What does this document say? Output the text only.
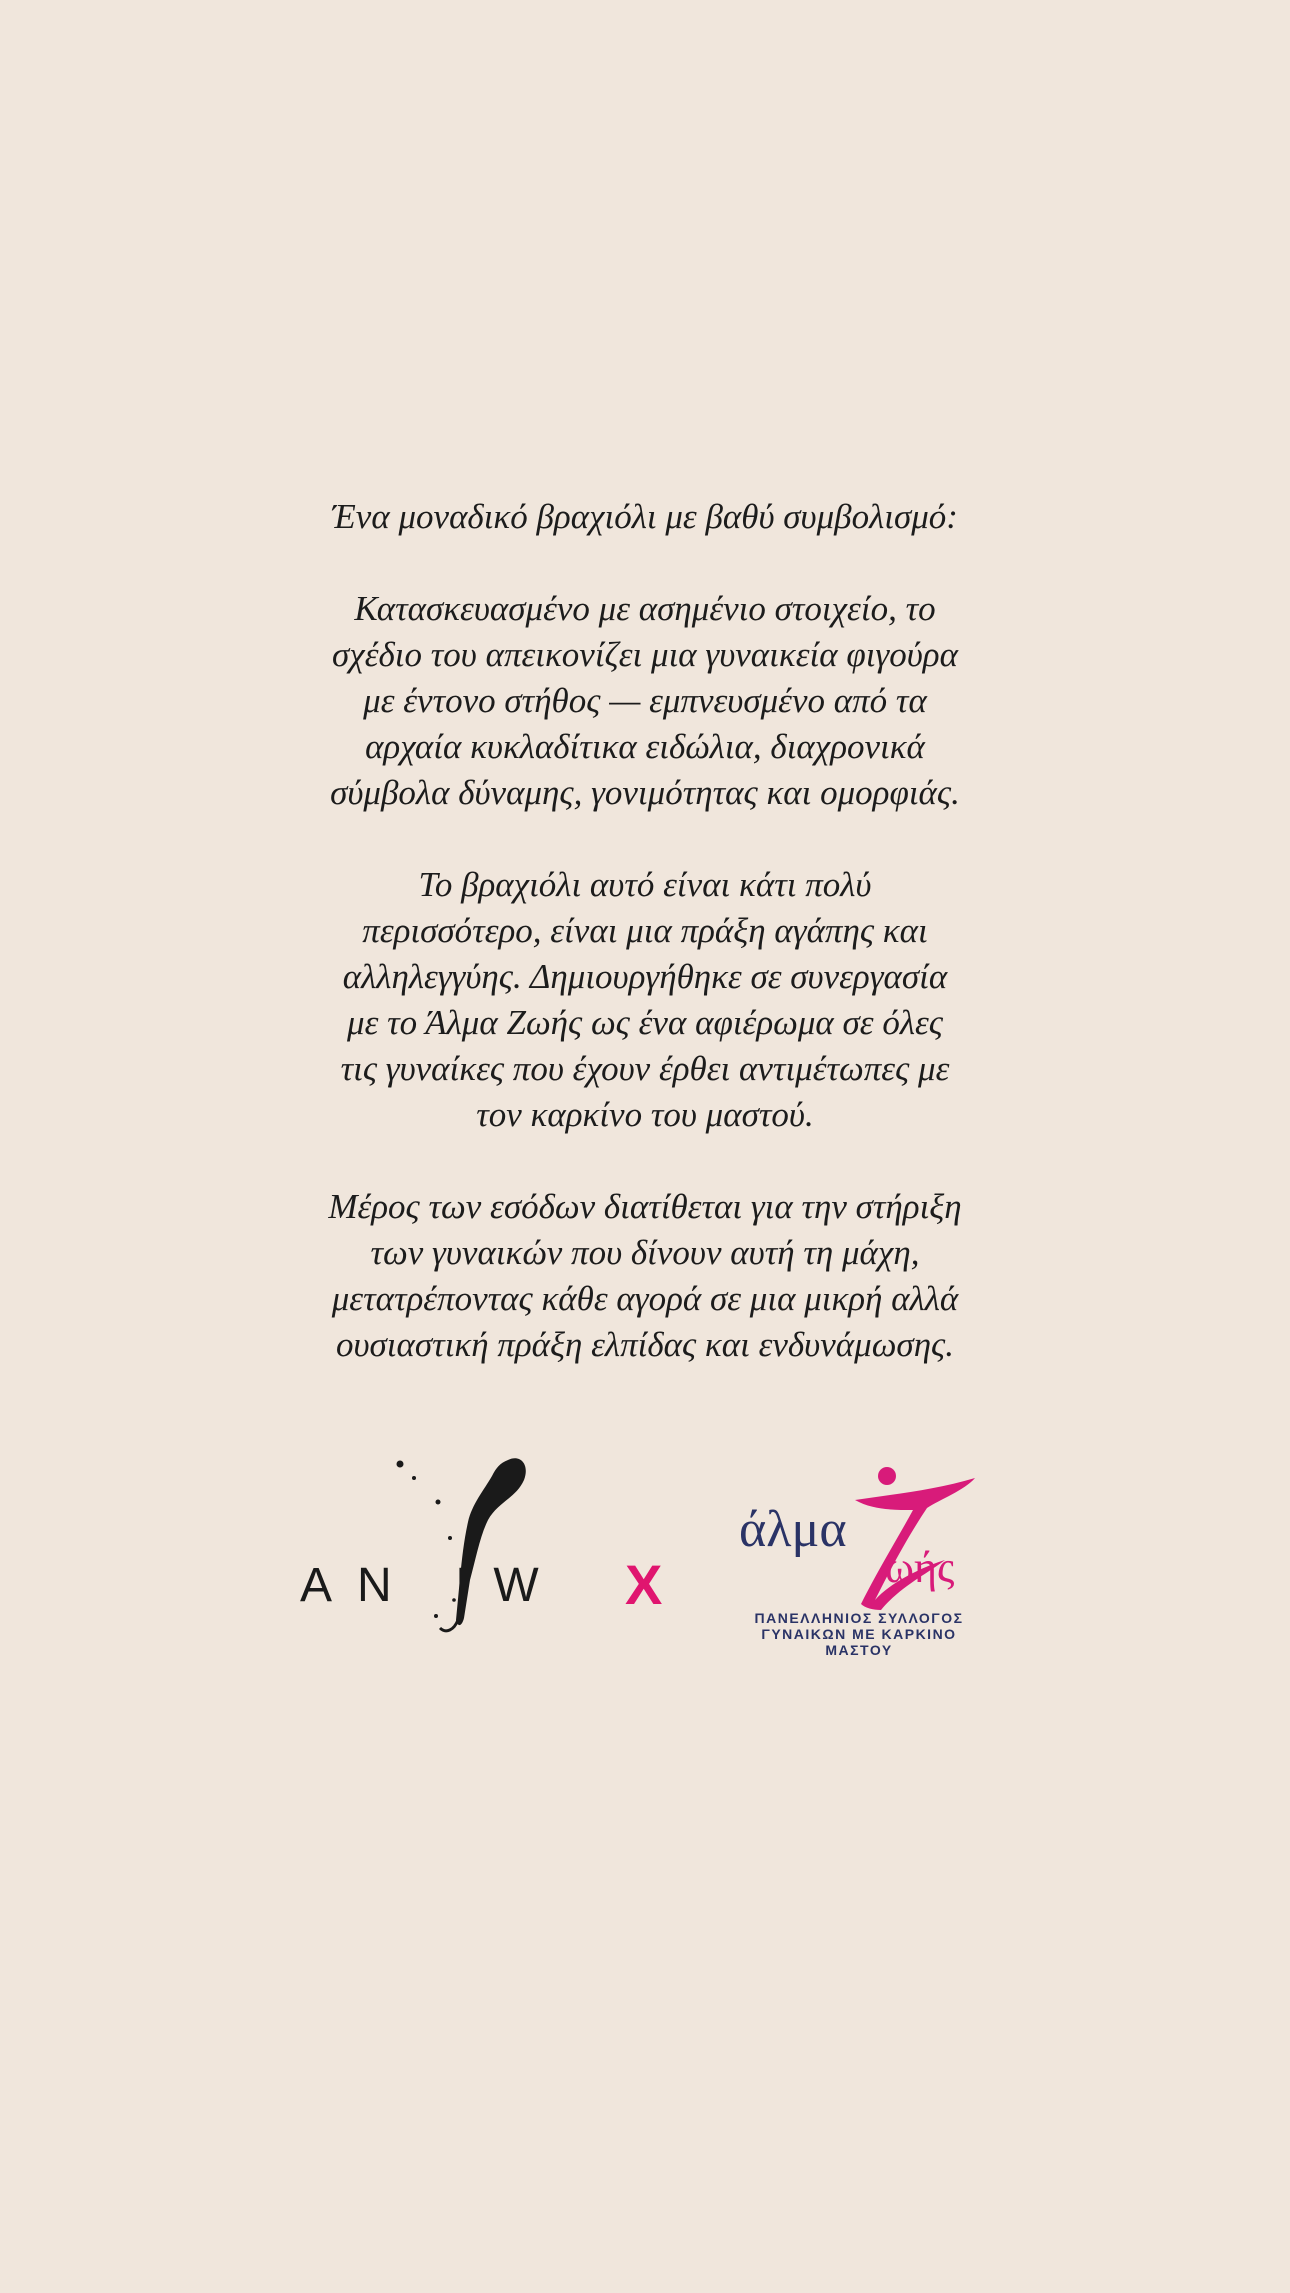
Ένα μοναδικό βραχιόλι με βαθύ συμβολισμό:

Κατασκευασμένο με ασημένιο στοιχείο, το
σχέδιο του απεικονίζει μια γυναικεία φιγούρα
με έντονο στήθος — εμπνευσμένο από τα
αρχαία κυκλαδίτικα ειδώλια, διαχρονικά
σύμβολα δύναμης, γονιμότητας και ομορφιάς.

Το βραχιόλι αυτό είναι κάτι πολύ
περισσότερο, είναι μια πράξη αγάπης και
αλληλεγγύης. Δημιουργήθηκε σε συνεργασία
με το Άλμα Ζωής ως ένα αφιέρωμα σε όλες
τις γυναίκες που έχουν έρθει αντιμέτωπες με
τον καρκίνο του μαστού.

Μέρος των εσόδων διατίθεται για την στήριξη
των γυναικών που δίνουν αυτή τη μάχη,
μετατρέποντας κάθε αγορά σε μια μικρή αλλά
ουσιαστική πράξη ελπίδας και ενδυνάμωσης.

AN IW X
άλμα
ωής
ΠΑΝΕΛΛΗΝΙΟΣ ΣΥΛΛΟΓΟΣ
ΓΥΝΑΙΚΩΝ ΜΕ ΚΑΡΚΙΝΟ ΜΑΣΤΟΥ
